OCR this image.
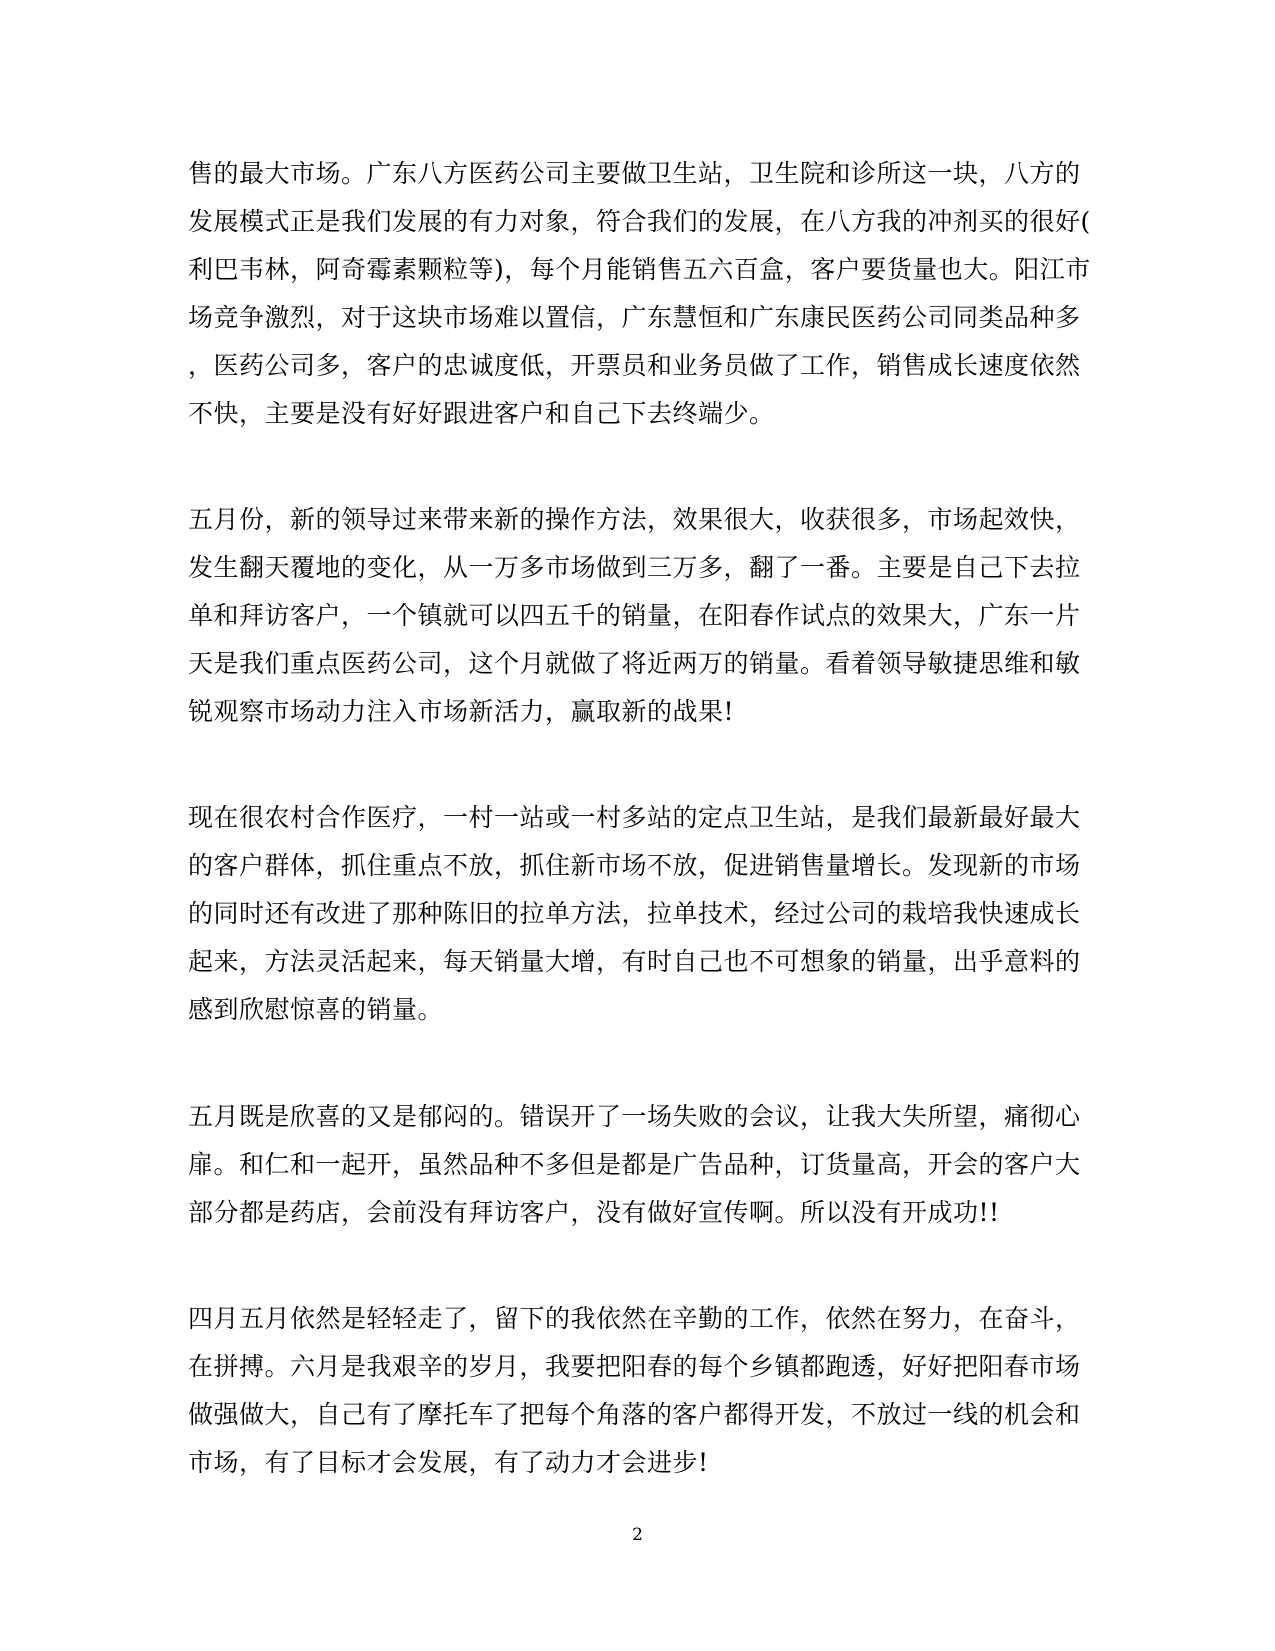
售的最大市场。广东八方医药公司主要做卫生站，卫生院和诊所这一块，八方的
发展模式正是我们发展的有力对象，符合我们的发展，在八方我的冲剂买的很好(
利巴韦林，阿奇霉素颗粒等)，每个月能销售五六百盒，客户要货量也大。阳江市
场竞争激烈，对于这块市场难以置信，广东慧恒和广东康民医药公司同类品种多
，医药公司多，客户的忠诚度低，开票员和业务员做了工作，销售成长速度依然
不快，主要是没有好好跟进客户和自己下去终端少。
五月份，新的领导过来带来新的操作方法，效果很大，收获很多，市场起效快，
发生翻天覆地的变化，从一万多市场做到三万多，翻了一番。主要是自己下去拉
单和拜访客户，一个镇就可以四五千的销量，在阳春作试点的效果大，广东一片
天是我们重点医药公司，这个月就做了将近两万的销量。看着领导敏捷思维和敏
锐观察市场动力注入市场新活力，赢取新的战果!
现在很农村合作医疗，一村一站或一村多站的定点卫生站，是我们最新最好最大
的客户群体，抓住重点不放，抓住新市场不放，促进销售量增长。发现新的市场
的同时还有改进了那种陈旧的拉单方法，拉单技术，经过公司的栽培我快速成长
起来，方法灵活起来，每天销量大增，有时自己也不可想象的销量，出乎意料的
感到欣慰惊喜的销量。
五月既是欣喜的又是郁闷的。错误开了一场失败的会议，让我大失所望，痛彻心
扉。和仁和一起开，虽然品种不多但是都是广告品种，订货量高，开会的客户大
部分都是药店，会前没有拜访客户，没有做好宣传啊。所以没有开成功!!
四月五月依然是轻轻走了，留下的我依然在辛勤的工作，依然在努力，在奋斗，
在拼搏。六月是我艰辛的岁月，我要把阳春的每个乡镇都跑透，好好把阳春市场
做强做大，自己有了摩托车了把每个角落的客户都得开发，不放过一线的机会和
市场，有了目标才会发展，有了动力才会进步!
2
